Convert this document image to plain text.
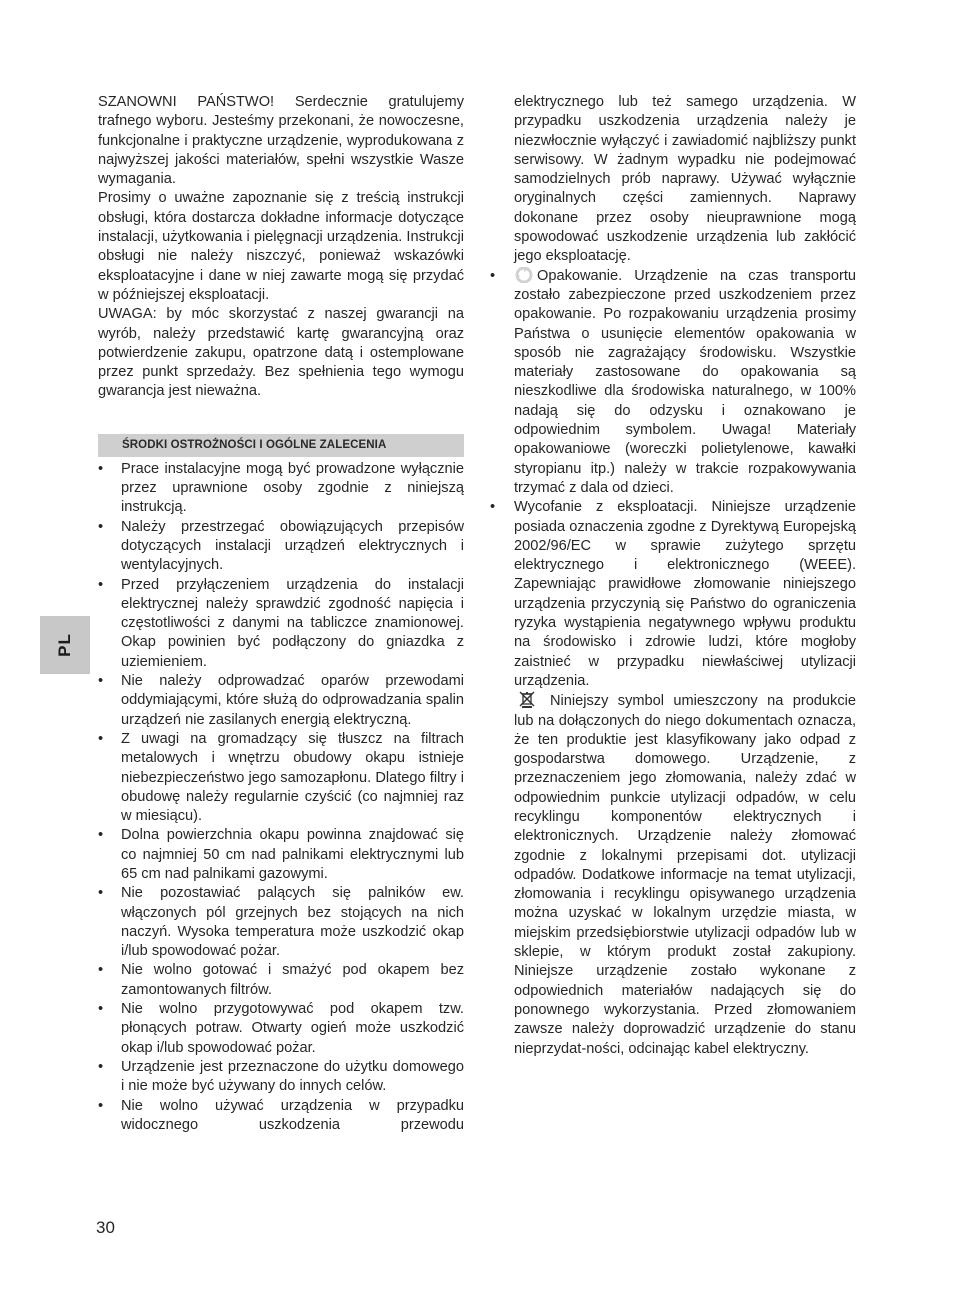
SZANOWNI PAŃSTWO! Serdecznie gratulujemy trafnego wyboru. Jesteśmy przekonani, że nowoczesne, funkcjonalne i praktyczne urządzenie, wyprodukowana z najwyższej jakości materiałów, spełni wszystkie Wasze wymagania.

Prosimy o uważne zapoznanie się z treścią instrukcji obsługi, która dostarcza dokładne informacje dotyczące instalacji, użytkowania i pielęgnacji urządzenia. Instrukcji obsługi nie należy niszczyć, ponieważ wskazówki eksploatacyjne i dane w niej zawarte mogą się przydać w późniejszej eksploatacji.

UWAGA: by móc skorzystać z naszej gwarancji na wyrób, należy przedstawić kartę gwarancyjną oraz potwierdzenie zakupu, opatrzone datą i ostemplowane przez punkt sprzedaży. Bez spełnienia tego wymogu gwarancja jest nieważna.

ŚRODKI OSTROŻNOŚCI I OGÓLNE ZALECENIA
• Prace instalacyjne mogą być prowadzone wyłącznie przez uprawnione osoby zgodnie z niniejszą instrukcją.
• Należy przestrzegać obowiązujących przepisów dotyczących instalacji urządzeń elektrycznych i wentylacyjnych.
• Przed przyłączeniem urządzenia do instalacji elektrycznej należy sprawdzić zgodność napięcia i częstotliwości z danymi na tabliczce znamionowej. Okap powinien być podłączony do gniazdka z uziemieniem.
• Nie należy odprowadzać oparów przewodami oddymiającymi, które służą do odprowadzania spalin urządzeń nie zasilanych energią elektryczną.
• Z uwagi na gromadzący się tłuszcz na filtrach metalowych i wnętrzu obudowy okapu istnieje niebezpieczeństwo jego samozapłonu. Dlatego filtry i obudowę należy regularnie czyścić (co najmniej raz w miesiącu).
• Dolna powierzchnia okapu powinna znajdować się co najmniej 50 cm nad palnikami elektrycznymi lub 65 cm nad palnikami gazowymi.
• Nie pozostawiać palących się palników ew. włączonych pól grzejnych bez stojących na nich naczyń. Wysoka temperatura może uszkodzić okap i/lub spowodować pożar.
• Nie wolno gotować i smażyć pod okapem bez zamontowanych filtrów.
• Nie wolno przygotowywać pod okapem tzw. płonących potraw. Otwarty ogień może uszkodzić okap i/lub spowodować pożar.
• Urządzenie jest przeznaczone do użytku domowego i nie może być używany do innych celów.
• Nie wolno używać urządzenia w przypadku widocznego uszkodzenia przewodu

elektrycznego lub też samego urządzenia. W przypadku uszkodzenia urządzenia należy je niezwłocznie wyłączyć i zawiadomić najbliższy punkt serwisowy. W żadnym wypadku nie podejmować samodzielnych prób naprawy. Używać wyłącznie oryginalnych części zamiennych. Naprawy dokonane przez osoby nieuprawnione mogą spowodować uszkodzenie urządzenia lub zakłócić jego eksploatację.

• Opakowanie. Urządzenie na czas transportu zostało zabezpieczone przed uszkodzeniem przez opakowanie. Po rozpakowaniu urządzenia prosimy Państwa o usunięcie elementów opakowania w sposób nie zagrażający środowisku. Wszystkie materiały zastosowane do opakowania są nieszkodliwe dla środowiska naturalnego, w 100% nadają się do odzysku i oznakowano je odpowiednim symbolem. Uwaga! Materiały opakowaniowe (woreczki polietylenowe, kawałki styropianu itp.) należy w trakcie rozpakowywania trzymać z dala od dzieci.
• Wycofanie z eksploatacji. Niniejsze urządzenie posiada oznaczenia zgodne z Dyrektywą Europejską 2002/96/EC w sprawie zużytego sprzętu elektrycznego i elektronicznego (WEEE). Zapewniając prawidłowe złomowanie niniejszego urządzenia przyczynią się Państwo do ograniczenia ryzyka wystąpienia negatywnego wpływu produktu na środowisko i zdrowie ludzi, które mogłoby zaistnieć w przypadku niewłaściwej utylizacji urządzenia.
Niniejszy symbol umieszczony na produkcie lub na dołączonych do niego dokumentach oznacza, że ten produktie jest klasyfikowany jako odpad z gospodarstwa domowego. Urządzenie, z przeznaczeniem jego złomowania, należy zdać w odpowiednim punkcie utylizacji odpadów, w celu recyklingu komponentów elektrycznych i elektronicznych. Urządzenie należy złomować zgodnie z lokalnymi przepisami dot. utylizacji odpadów. Dodatkowe informacje na temat utylizacji, złomowania i recyklingu opisywanego urządzenia można uzyskać w lokalnym urzędzie miasta, w miejskim przedsiębiorstwie utylizacji odpadów lub w sklepie, w którym produkt został zakupiony. Niniejsze urządzenie zostało wykonane z odpowiednich materiałów nadających się do ponownego wykorzystania. Przed złomowaniem zawsze należy doprowadzić urządzenie do stanu nieprzydat-ności, odcinając kabel elektryczny.
PL
30
